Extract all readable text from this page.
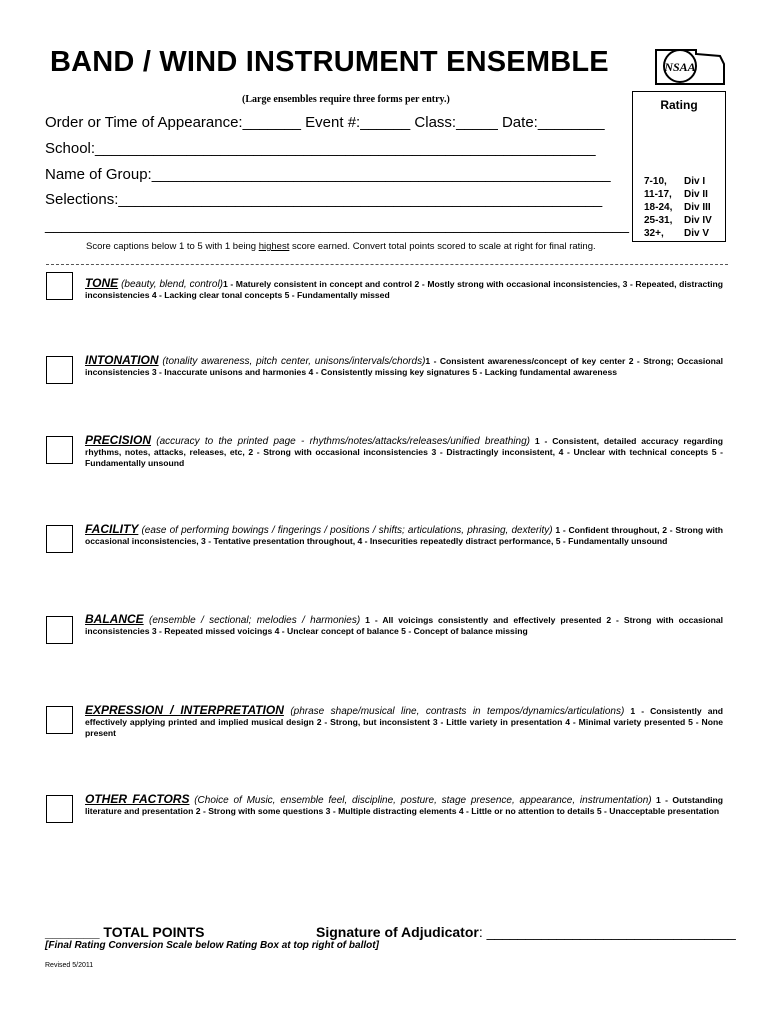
BAND / WIND INSTRUMENT ENSEMBLE	NSAA
(Large ensembles require three forms per entry.)
Order or Time of Appearance:_______ Event #:______ Class:_____ Date:________
School:____________________________________________________________
Name of Group:_______________________________________________________
Selections:__________________________________________________________
______________________________________________________________________
Rating
7-10, Div I
11-17, Div II
18-24, Div III
25-31, Div IV
32+, Div V
Score captions below 1 to 5 with 1 being highest score earned. Convert total points scored to scale at right for final rating.
TONE (beauty, blend, control)1 - Maturely consistent in concept and control 2 - Mostly strong with occasional inconsistencies, 3 - Repeated, distracting inconsistencies 4 - Lacking clear tonal concepts 5 - Fundamentally missed
INTONATION (tonality awareness, pitch center, unisons/intervals/chords)1 - Consistent awareness/concept of key center 2 - Strong; Occasional inconsistencies 3 - Inaccurate unisons and harmonies 4 - Consistently missing key signatures 5 - Lacking fundamental awareness
PRECISION (accuracy to the printed page - rhythms/notes/attacks/releases/unified breathing) 1 - Consistent, detailed accuracy regarding rhythms, notes, attacks, releases, etc, 2 - Strong with occasional inconsistencies 3 - Distractingly inconsistent, 4 - Unclear with technical concepts 5 - Fundamentally unsound
FACILITY (ease of performing bowings / fingerings / positions / shifts; articulations, phrasing, dexterity) 1 - Confident throughout, 2 - Strong with occasional inconsistencies, 3 - Tentative presentation throughout, 4 - Insecurities repeatedly distract performance, 5 - Fundamentally unsound
BALANCE (ensemble / sectional; melodies / harmonies) 1 - All voicings consistently and effectively presented 2 - Strong with occasional inconsistencies 3 - Repeated missed voicings 4 - Unclear concept of balance 5 - Concept of balance missing
EXPRESSION / INTERPRETATION (phrase shape/musical line, contrasts in tempos/dynamics/articulations) 1 - Consistently and effectively applying printed and implied musical design 2 - Strong, but inconsistent 3 - Little variety in presentation 4 - Minimal variety presented 5 - None present
OTHER FACTORS (Choice of Music, ensemble feel, discipline, posture, stage presence, appearance, instrumentation) 1 - Outstanding literature and presentation 2 - Strong with some questions 3 - Multiple distracting elements 4 - Little or no attention to details 5 - Unacceptable presentation
_______ TOTAL POINTS	Signature of Adjudicator: ________________________________
[Final Rating Conversion Scale below Rating Box at top right of ballot]
Revised 5/2011
